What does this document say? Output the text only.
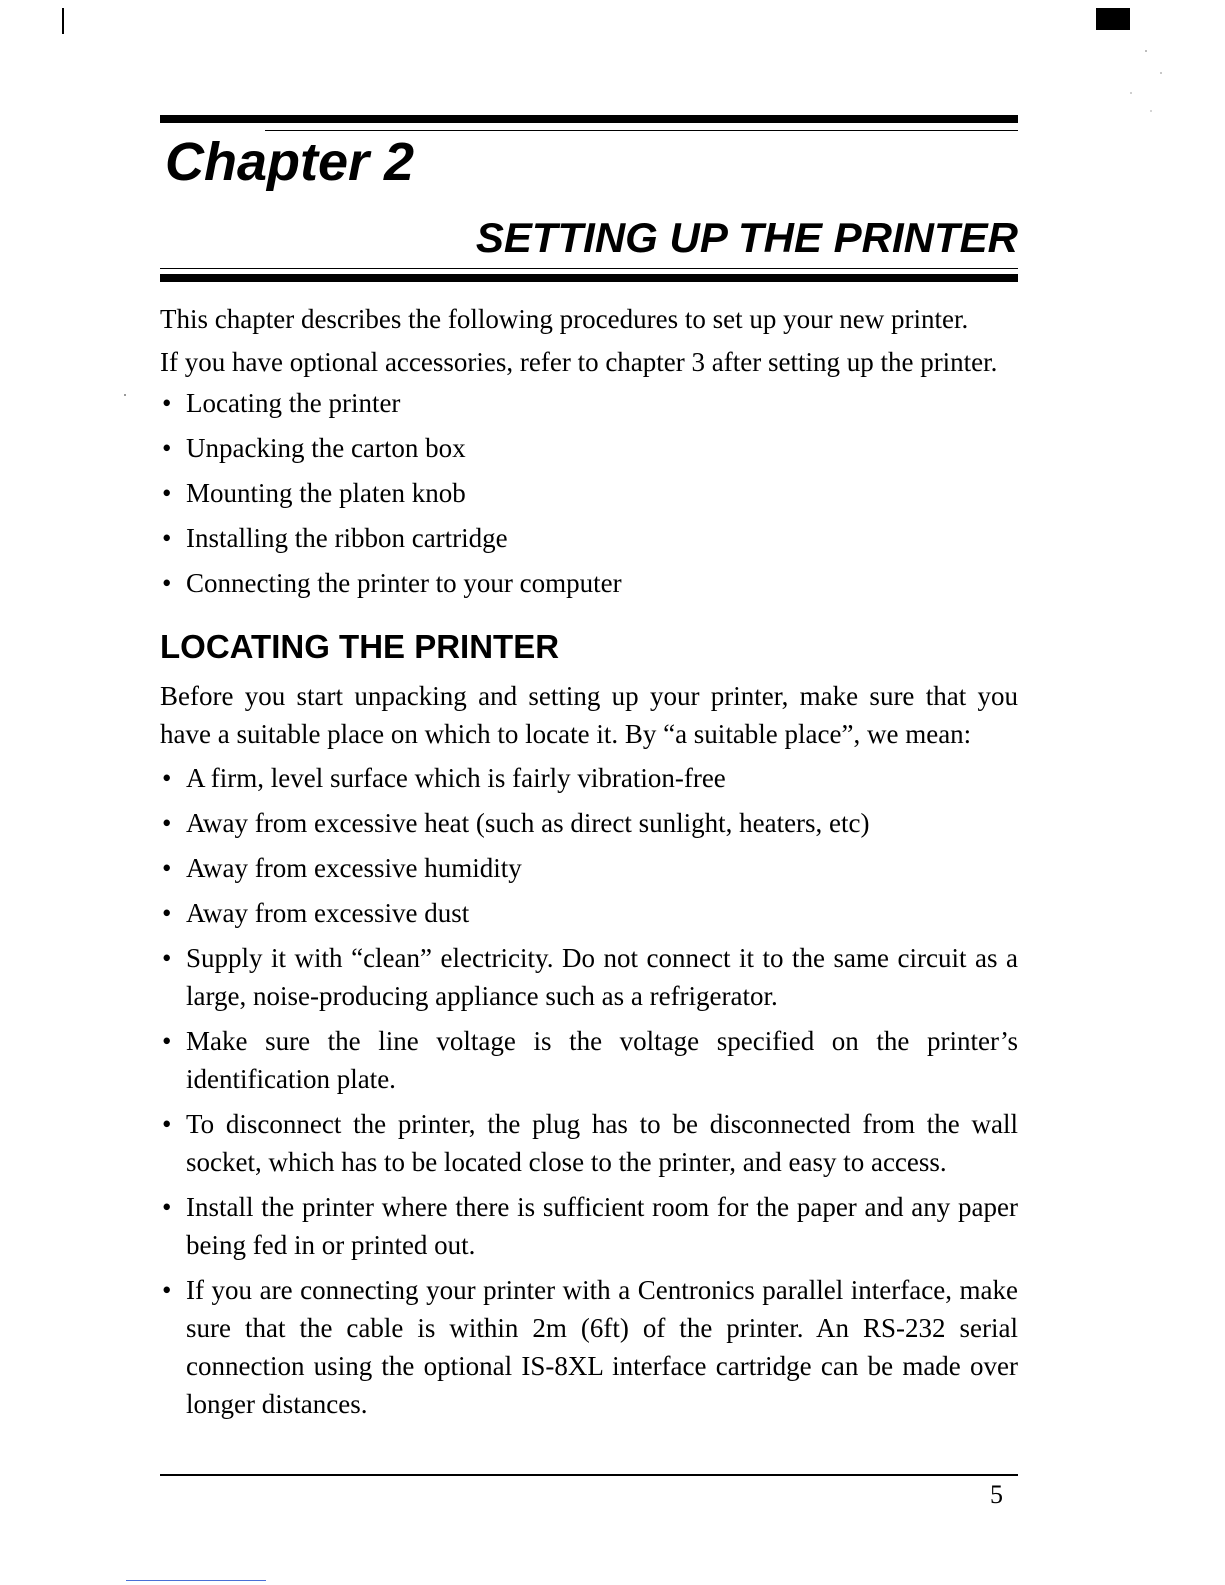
Chapter 2
SETTING UP THE PRINTER

This chapter describes the following procedures to set up your new printer.

If you have optional accessories, refer to chapter 3 after setting up the printer.

• Locating the printer
• Unpacking the carton box
• Mounting the platen knob
• Installing the ribbon cartridge
• Connecting the printer to your computer
LOCATING THE PRINTER

Before you start unpacking and setting up your printer, make sure that you have a suitable place on which to locate it. By “a suitable place”, we mean:

• A firm, level surface which is fairly vibration-free
• Away from excessive heat (such as direct sunlight, heaters, etc)
• Away from excessive humidity
• Away from excessive dust
• Supply it with “clean” electricity. Do not connect it to the same circuit as a large, noise-producing appliance such as a refrigerator.
• Make sure the line voltage is the voltage specified on the printer’s identification plate.
• To disconnect the printer, the plug has to be disconnected from the wall socket, which has to be located close to the printer, and easy to access.
• Install the printer where there is sufficient room for the paper and any paper being fed in or printed out.
• If you are connecting your printer with a Centronics parallel interface, make sure that the cable is within 2m (6ft) of the printer. An RS-232 serial connection using the optional IS-8XL interface cartridge can be made over longer distances.
5
